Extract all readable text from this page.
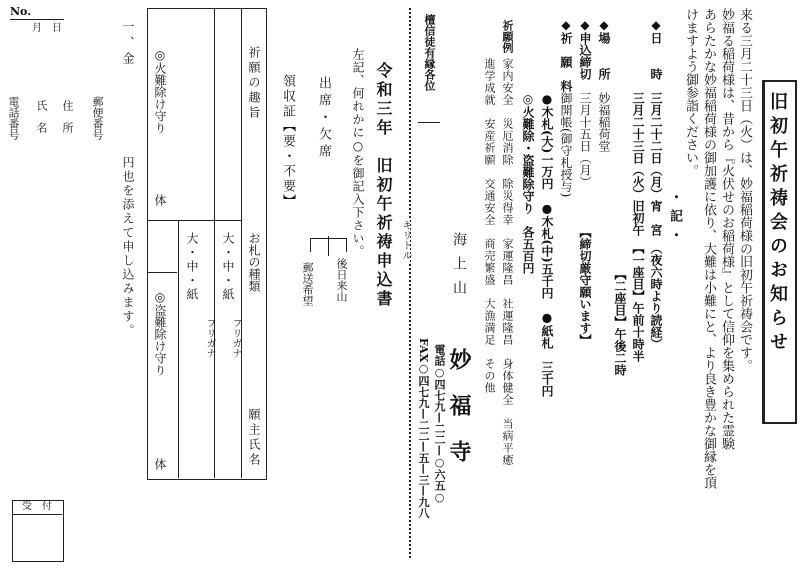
旧初午祈祷会のお知らせ
来る三月二十三日（火）は、妙福稲荷様の旧初午祈祷会です。
妙福る稲荷様は、昔から『火伏せのお稲荷様』として信仰を集められた霊験
あらたかな妙福稲荷様の御加護に依り、大難は小難にと、より良き豊かな御縁を頂
けますよう御参詣ください。
・記・
◆日　　時
三月二十二日（月）宵　宮　（夜六時より読経）
三月二十三日（火）旧初午　【一座目】午前十時半
【二座目】午後二時
◆場　　所
妙福稲荷堂
◆申込締切
三月十五日（月）
【締切厳守願います】
◆祈　願　料
御開帳(御守札授与)
●木札(大)一万円　●木札(中)五千円　●紙札　三千円
◎火難除・盗難除守り　各五百円
祈願例
家内安全　災厄消除　除災得幸　家運隆昌　社運隆昌　身体健全　当病平癒
進学成就　安産祈願　交通安全　商売繁盛　大漁満足　その他
海上山
妙福寺
電話○四七九—二二—○六五○
FAX○四七九—二二—五—三—九八
キリトル
檀信徒有縁各位
令和三年　旧初午祈祷申込書
左記、何れかに○を御記入下さい。
出席・欠席
後日来山
郵送希望
領収証【要・不要】
祈願の趣旨
お札の種類
願主氏名
大・中・紙
大・中・紙
フリガナ
フリガナ
◎火難除け守り
体
◎盗難除け守り
体
一、金
円也を添えて申し込みます。
郵便番号
住　所
氏　名
電話番号
No.
月　日
受　付
